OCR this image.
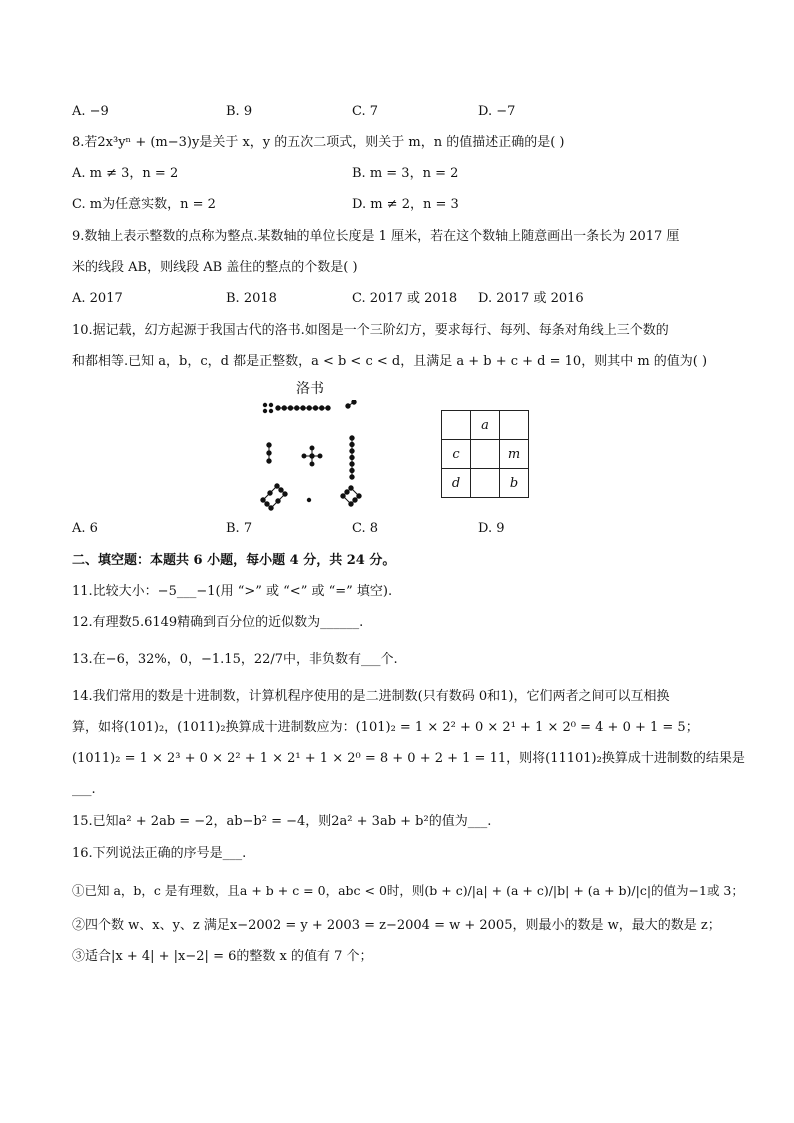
A. −9	B. 9	C. 7	D. −7
8.若2x³yⁿ + (m−3)y是关于 x，y 的五次二项式，则关于 m，n 的值描述正确的是( )
A. m ≠ 3，n = 2	B. m = 3，n = 2
C. m为任意实数，n = 2	D. m ≠ 2，n = 3
9.数轴上表示整数的点称为整点.某数轴的单位长度是 1 厘米，若在这个数轴上随意画出一条长为 2017 厘
米的线段 AB，则线段 AB 盖住的整点的个数是( )
A. 2017	B. 2018	C. 2017 或 2018 D. 2017 或 2016
10.据记载，幻方起源于我国古代的洛书.如图是一个三阶幻方，要求每行、每列、每条对角线上三个数的
和都相等.已知 a，b，c，d 都是正整数，a < b < c < d，且满足 a + b + c + d = 10，则其中 m 的值为( )
洛书
	a	
c		m
d		b
A. 6	B. 7	C. 8	D. 9
二、填空题：本题共 6 小题，每小题 4 分，共 24 分。
11.比较大小：−5___−1(用 “>” 或 “<” 或 “=” 填空).
12.有理数5.6149精确到百分位的近似数为______.
13.在−6，32%，0，−1.15，22/7中，非负数有___个.
14.我们常用的数是十进制数，计算机程序使用的是二进制数(只有数码 0和1)，它们两者之间可以互相换
算，如将(101)₂，(1011)₂换算成十进制数应为：(101)₂ = 1 × 2² + 0 × 2¹ + 1 × 2⁰ = 4 + 0 + 1 = 5；
(1011)₂ = 1 × 2³ + 0 × 2² + 1 × 2¹ + 1 × 2⁰ = 8 + 0 + 2 + 1 = 11，则将(11101)₂换算成十进制数的结果是
___.
15.已知a² + 2ab = −2，ab−b² = −4，则2a² + 3ab + b²的值为___.
16.下列说法正确的序号是___.
①已知 a，b，c 是有理数，且a + b + c = 0，abc < 0时，则(b + c)/|a| + (a + c)/|b| + (a + b)/|c|的值为−1或 3；
②四个数 w、x、y、z 满足x−2002 = y + 2003 = z−2004 = w + 2005，则最小的数是 w，最大的数是 z；
③适合|x + 4| + |x−2| = 6的整数 x 的值有 7 个；
